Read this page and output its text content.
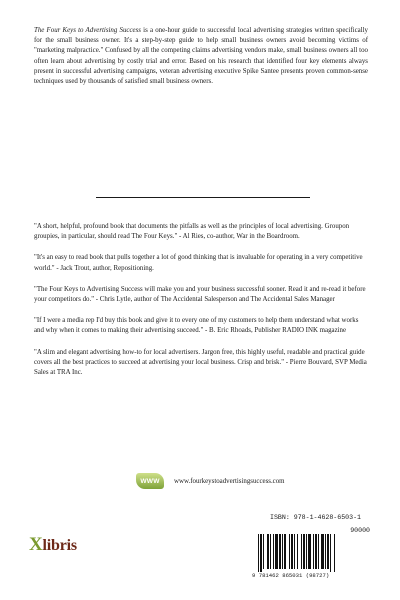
The Four Keys to Advertising Success is a one-hour guide to successful local advertising strategies written specifically for the small business owner. It's a step-by-step guide to help small business owners avoid becoming victims of "marketing malpractice." Confused by all the competing claims advertising vendors make, small business owners all too often learn about advertising by costly trial and error. Based on his research that identified four key elements always present in successful advertising campaigns, veteran advertising executive Spike Santee presents proven common-sense techniques used by thousands of satisfied small business owners.

"A short, helpful, profound book that documents the pitfalls as well as the principles of local advertising. Groupon groupies, in particular, should read The Four Keys." - Al Ries, co-author, War in the Boardroom.

"It's an easy to read book that pulls together a lot of good thinking that is invaluable for operating in a very competitive world." - Jack Trout, author, Repositioning.

"The Four Keys to Advertising Success will make you and your business successful sooner. Read it and re-read it before your competitors do." - Chris Lytle, author of The Accidental Salesperson and The Accidental Sales Manager

"If I were a media rep I'd buy this book and give it to every one of my customers to help them understand what works and why when it comes to making their advertising succeed." - B. Eric Rhoads, Publisher RADIO INK magazine

"A slim and elegant advertising how-to for local advertisers. Jargon free, this highly useful, readable and practical guide covers all the best practices to succeed at advertising your local business. Crisp and brisk." - Pierre Bouvard, SVP Media Sales at TRA Inc.

WWW www.fourkeystoadvertisingsuccess.com
Xlibris
ISBN: 978-1-4628-6503-1
90000
9 781462 865031 (98727)
